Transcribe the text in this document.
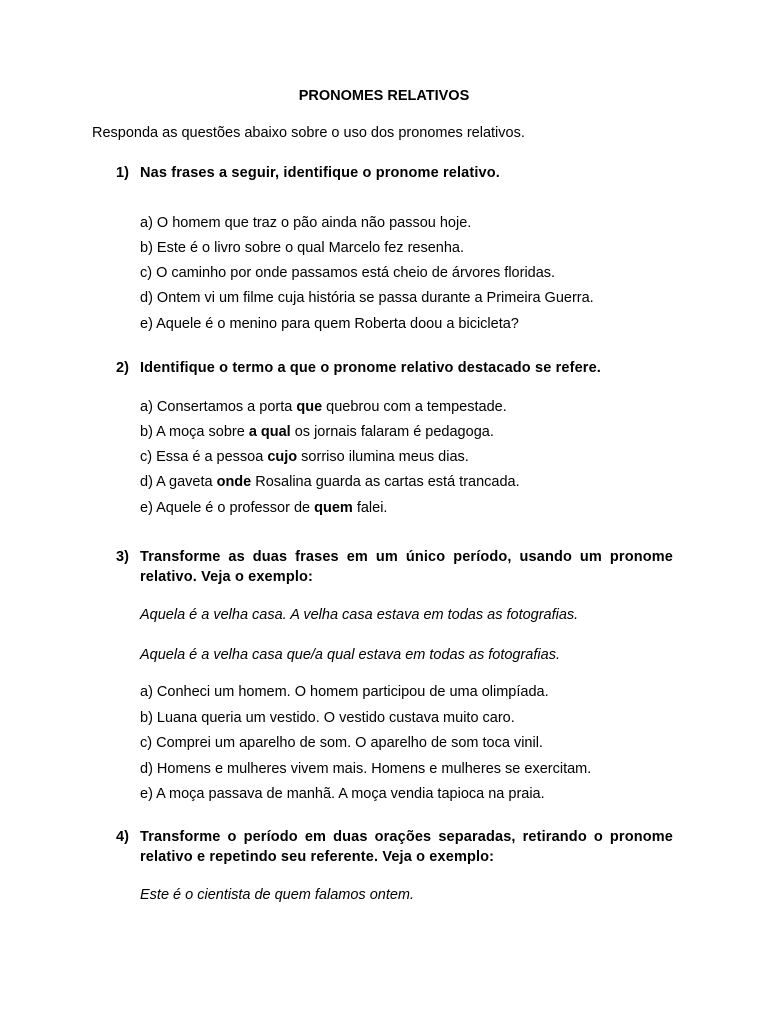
PRONOMES RELATIVOS
Responda as questões abaixo sobre o uso dos pronomes relativos.
1) Nas frases a seguir, identifique o pronome relativo.
a) O homem que traz o pão ainda não passou hoje.
b) Este é o livro sobre o qual Marcelo fez resenha.
c) O caminho por onde passamos está cheio de árvores floridas.
d) Ontem vi um filme cuja história se passa durante a Primeira Guerra.
e) Aquele é o menino para quem Roberta doou a bicicleta?
2) Identifique o termo a que o pronome relativo destacado se refere.
a) Consertamos a porta que quebrou com a tempestade.
b) A moça sobre a qual os jornais falaram é pedagoga.
c) Essa é a pessoa cujo sorriso ilumina meus dias.
d) A gaveta onde Rosalina guarda as cartas está trancada.
e) Aquele é o professor de quem falei.
3) Transforme as duas frases em um único período, usando um pronome relativo. Veja o exemplo:
Aquela é a velha casa. A velha casa estava em todas as fotografias.
Aquela é a velha casa que/a qual estava em todas as fotografias.
a) Conheci um homem. O homem participou de uma olimpíada.
b) Luana queria um vestido. O vestido custava muito caro.
c) Comprei um aparelho de som. O aparelho de som toca vinil.
d) Homens e mulheres vivem mais. Homens e mulheres se exercitam.
e) A moça passava de manhã. A moça vendia tapioca na praia.
4) Transforme o período em duas orações separadas, retirando o pronome relativo e repetindo seu referente. Veja o exemplo:
Este é o cientista de quem falamos ontem.
